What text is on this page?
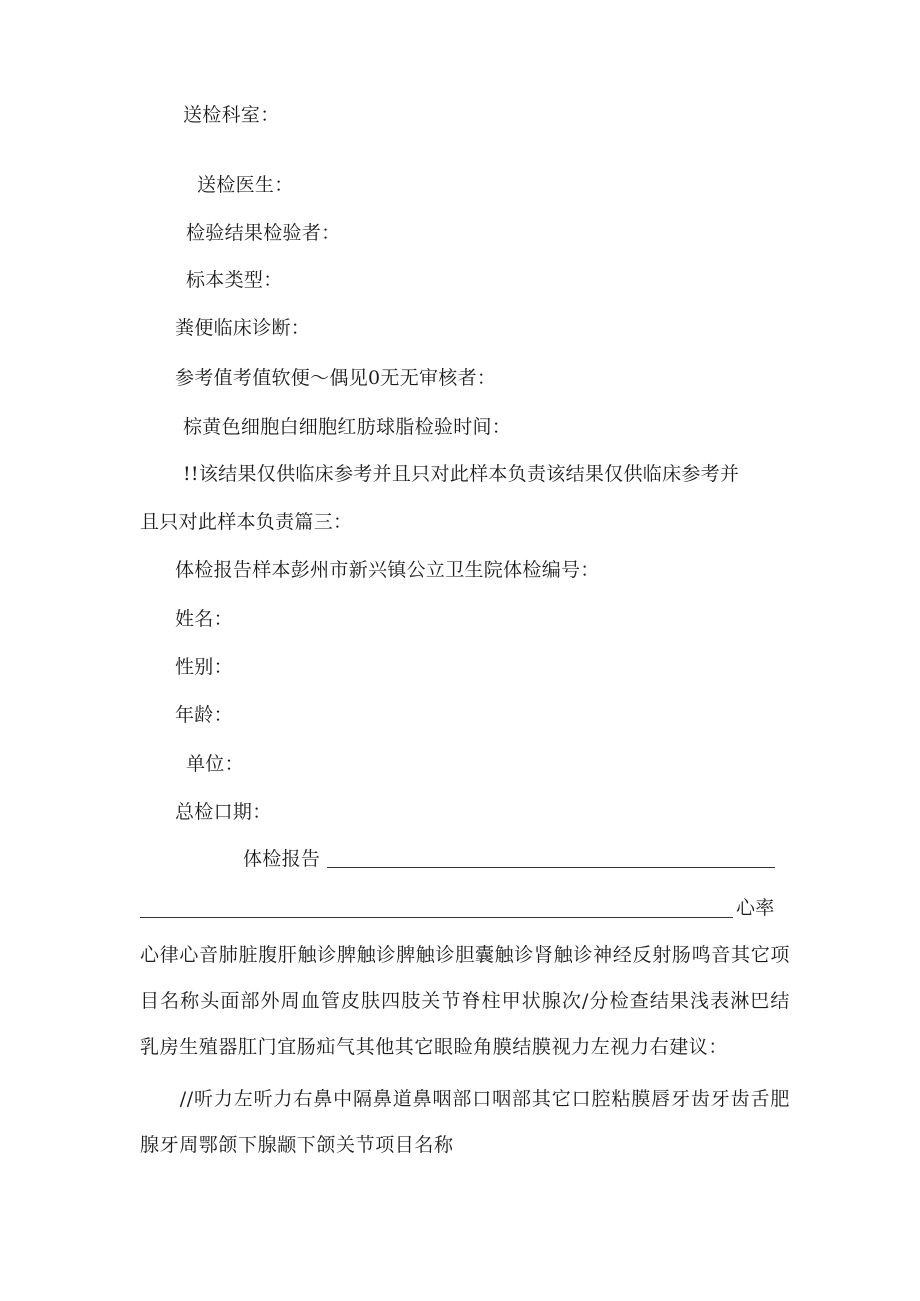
送检科室：
送检医生：
检验结果检验者：
标本类型：
粪便临床诊断：
参考值考值软便～偶见0无无审核者：
棕黄色细胞白细胞红肪球脂检验时间：
!!该结果仅供临床参考并且只对此样本负责该结果仅供临床参考并
且只对此样本负责篇三：
体检报告样本彭州市新兴镇公立卫生院体检编号：
姓名：
性别：
年龄：
单位：
总检口期：
体检报告
心率
心律心音肺脏腹肝触诊脾触诊脾触诊胆囊触诊肾触诊神经反射肠鸣音其它项目名称头面部外周血管皮肤四肢关节脊柱甲状腺次/分检查结果浅表淋巴结乳房生殖器肛门宜肠疝气其他其它眼睑角膜结膜视力左视力右建议：
　　//听力左听力右鼻中隔鼻道鼻咽部口咽部其它口腔粘膜唇牙齿牙齿舌肥腺牙周鄂颌下腺颛下颌关节项目名称
